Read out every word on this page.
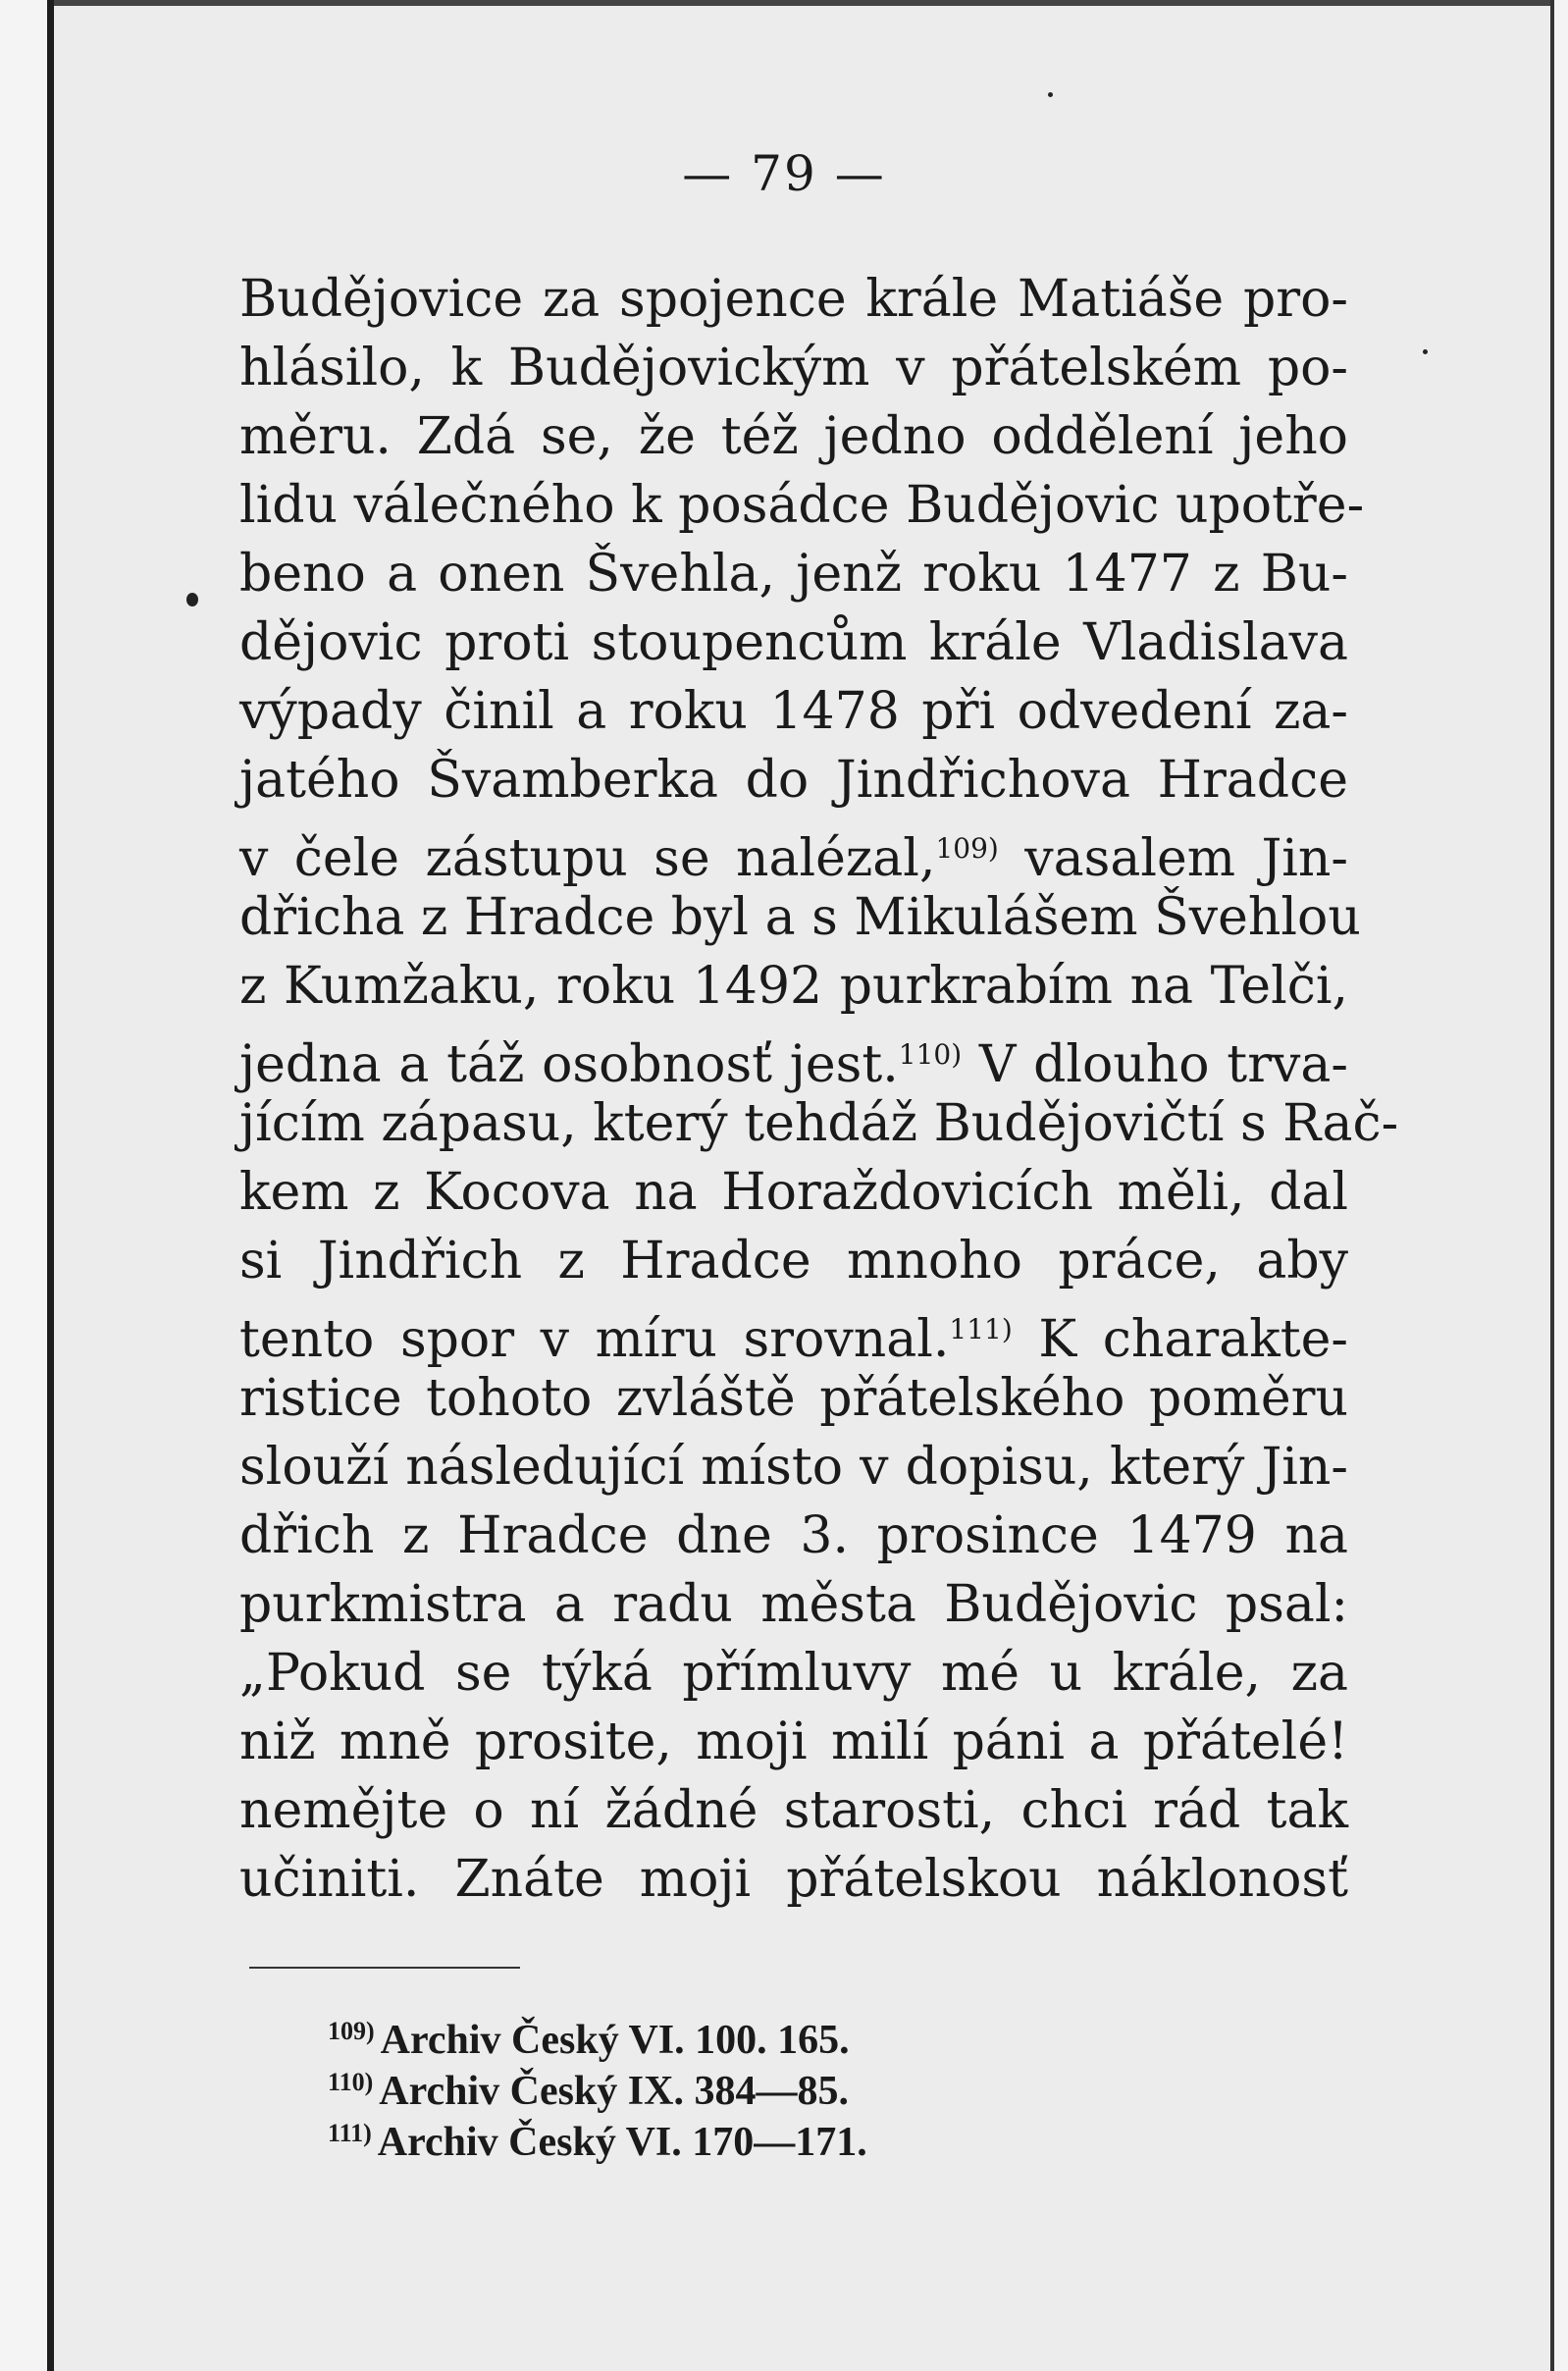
— 79 —
Budějovice za spojence krále Matiáše pro-
hlásilo, k Budějovickým v přátelském po-
měru. Zdá se, že též jedno oddělení jeho
lidu válečného k posádce Budějovic upotře-
beno a onen Švehla, jenž roku 1477 z Bu-
dějovic proti stoupencům krále Vladislava
výpady činil a roku 1478 při odvedení za-
jatého Švamberka do Jindřichova Hradce
v čele zástupu se nalézal,$^{109)}$ vasalem Jin-
dřicha z Hradce byl a s Mikulášem Švehlou
z Kumžaku, roku 1492 purkrabím na Telči,
jedna a táž osobnosť jest.$^{110)}$ V dlouho trva-
jícím zápasu, který tehdáž Budějovičtí s Rač-
kem z Kocova na Horaždovicích měli, dal
si Jindřich z Hradce mnoho práce, aby
tento spor v míru srovnal.$^{111)}$ K charakte-
ristice tohoto zvláště přátelského poměru
slouží následující místo v dopisu, který Jin-
dřich z Hradce dne 3. prosince 1479 na
purkmistra a radu města Budějovic psal:
„Pokud se týká přímluvy mé u krále, za
niž mně prosite, moji milí páni a přátelé!
nemějte o ní žádné starosti, chci rád tak
učiniti. Znáte moji přátelskou náklonosť
$^{109)}$ Archiv Český VI. 100. 165.
$^{110)}$ Archiv Český IX. 384—85.
$^{111)}$ Archiv Český VI. 170—171.
